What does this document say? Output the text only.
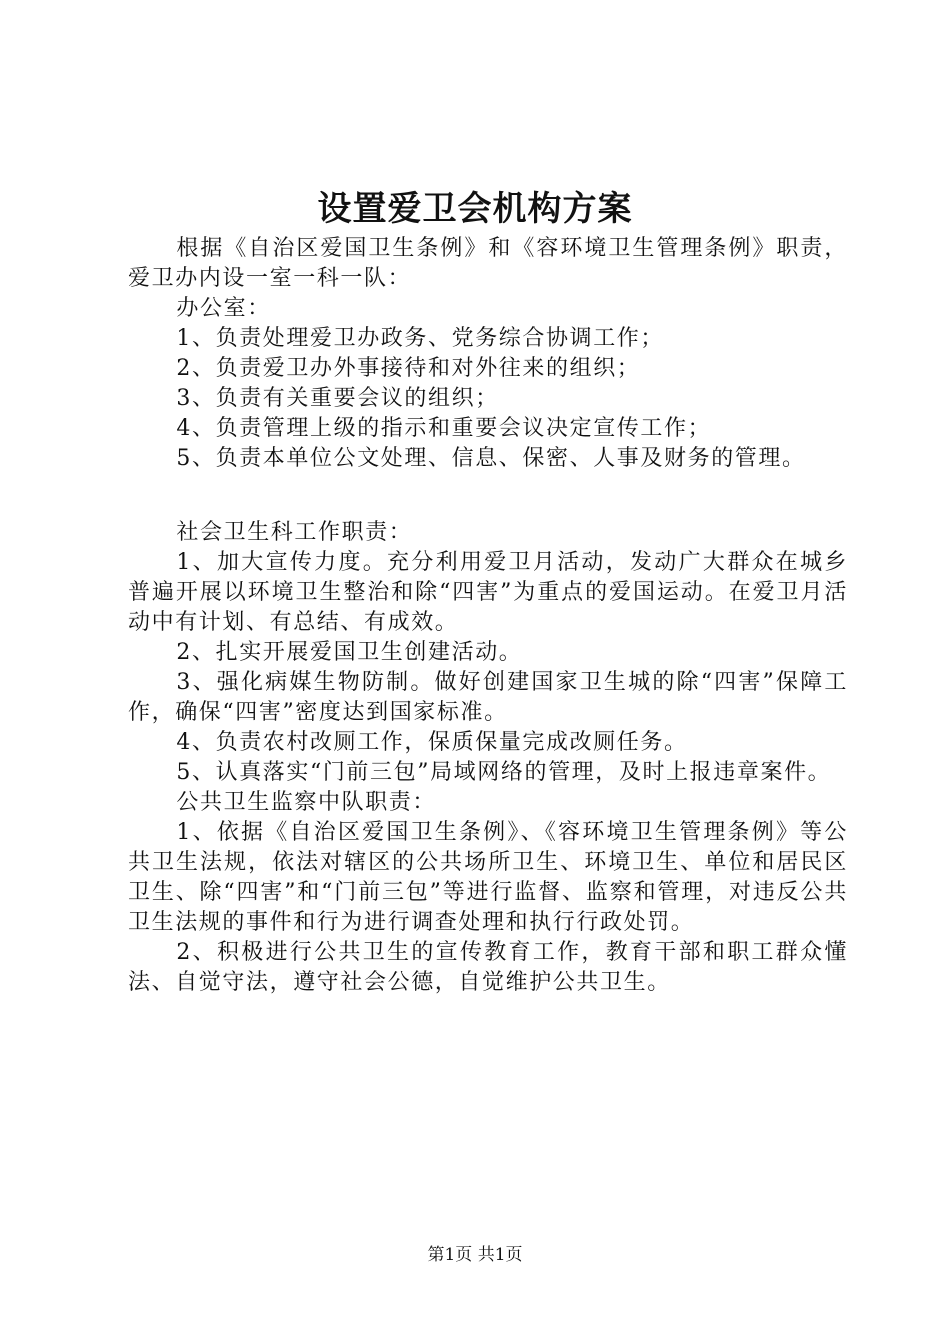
设置爱卫会机构方案

根据《自治区爱国卫生条例》和《容环境卫生管理条例》职责，爱卫办内设一室一科一队：

办公室：

1、负责处理爱卫办政务、党务综合协调工作；

2、负责爱卫办外事接待和对外往来的组织；

3、负责有关重要会议的组织；

4、负责管理上级的指示和重要会议决定宣传工作；

5、负责本单位公文处理、信息、保密、人事及财务的管理。

社会卫生科工作职责：

1、加大宣传力度。充分利用爱卫月活动，发动广大群众在城乡普遍开展以环境卫生整治和除“四害”为重点的爱国运动。在爱卫月活动中有计划、有总结、有成效。

2、扎实开展爱国卫生创建活动。

3、强化病媒生物防制。做好创建国家卫生城的除“四害”保障工作，确保“四害”密度达到国家标准。

4、负责农村改厕工作，保质保量完成改厕任务。

5、认真落实“门前三包”局域网络的管理，及时上报违章案件。

公共卫生监察中队职责：

1、依据《自治区爱国卫生条例》、《容环境卫生管理条例》等公共卫生法规，依法对辖区的公共场所卫生、环境卫生、单位和居民区卫生、除“四害”和“门前三包”等进行监督、监察和管理，对违反公共卫生法规的事件和行为进行调查处理和执行行政处罚。

2、积极进行公共卫生的宣传教育工作，教育干部和职工群众懂法、自觉守法，遵守社会公德，自觉维护公共卫生。

第1页 共1页
